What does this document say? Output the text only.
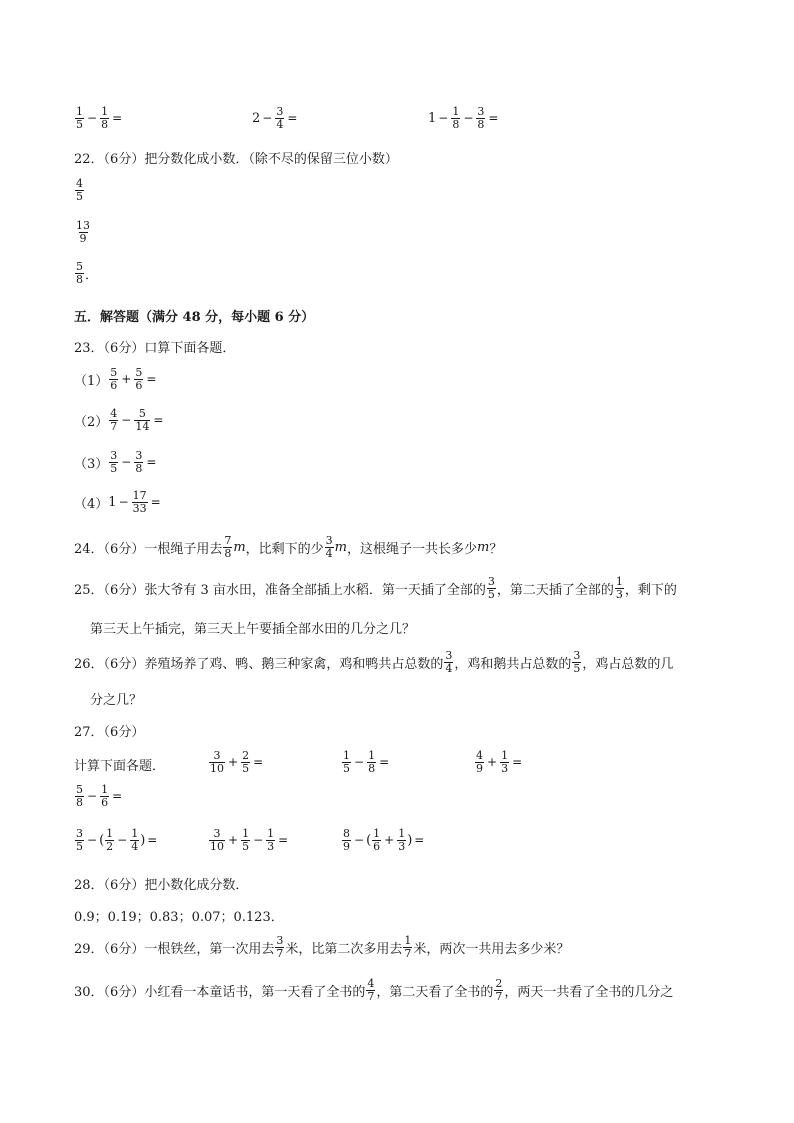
$\frac{1}{5} - \frac{1}{8}$ =	$2 - \frac{3}{4}$ =	$1 - \frac{1}{8} - \frac{3}{8}$ =
22．（6分）把分数化成小数．（除不尽的保留三位小数）
$\frac{4}{5}$
$\frac{13}{9}$
$\frac{5}{8}$ ．
五．解答题（满分 48 分，每小题 6 分）
23．（6分）口算下面各题．
$(1) \frac{5}{6} + \frac{5}{6}$ =
$(2) \frac{4}{7} - \frac{5}{14}$ =
$(3) \frac{3}{5} - \frac{3}{8}$ =
（4） $1 - \frac{17}{33}$ =
24．（6分）一根绳子用去 $\frac{7}{8}$ m ，比剩下的少 $\frac{3}{4}$ m ，这根绳子一共长多少 m ？
25．（6分）张大爷有 3 亩水田，准备全部插上水稻．第一天插了全部的 $\frac{3}{5}$ ，第二天插了全部的 $\frac{1}{3}$ ，剩下的
第三天上午插完，第三天上午要插全部水田的几分之几？
26．（6分）养殖场养了鸡、鸭、鹅三种家禽，鸡和鸭共占总数的 $\frac{3}{4}$ ，鸡和鹅共占总数的 $\frac{3}{5}$ ，鸡占总数的几
分之几？
27．（6分）
计算下面各题．	$\frac{3}{10} + \frac{2}{5}$ =	$\frac{1}{5} - \frac{1}{8}$ =	$\frac{4}{9} + \frac{1}{3}$ =
$\frac{5}{8} - \frac{1}{6}$ =
$\frac{3}{5}$ − ( $\frac{1}{2} - \frac{1}{4}$ ) =	$\frac{3}{10} + \frac{1}{5} - \frac{1}{3}$ =	$\frac{8}{9}$ − ( $\frac{1}{6} + \frac{1}{3}$ ) =
28．（6分）把小数化成分数．
0.9；0.19；0.83；0.07；0.123．
29．（6分）一根铁丝，第一次用去 $\frac{3}{7}$ 米，比第二次多用去 $\frac{1}{7}$ 米，两次一共用去多少米？
30．（6分）小红看一本童话书，第一天看了全书的 $\frac{4}{7}$ ，第二天看了全书的 $\frac{2}{7}$ ，两天一共看了全书的几分之
